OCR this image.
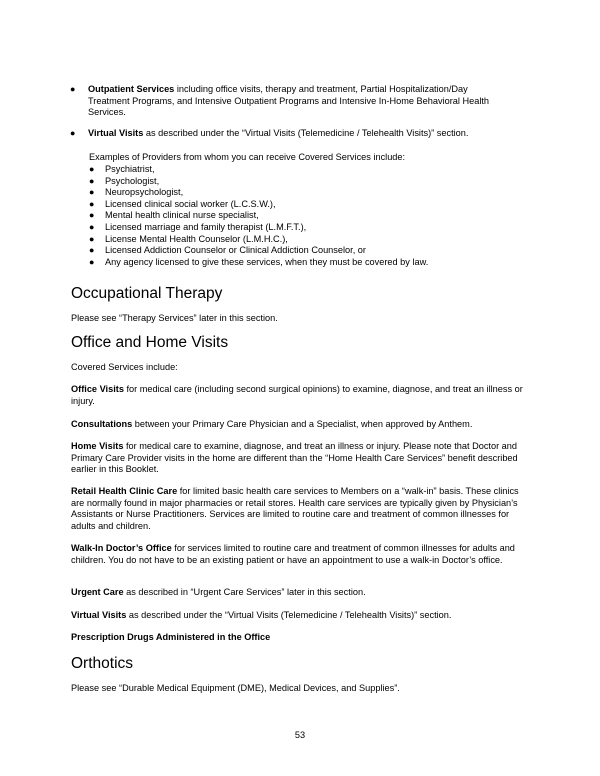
● Outpatient Services including office visits, therapy and treatment, Partial Hospitalization/Day Treatment Programs, and Intensive Outpatient Programs and Intensive In-Home Behavioral Health Services.
● Virtual Visits as described under the “Virtual Visits (Telemedicine / Telehealth Visits)” section.
Examples of Providers from whom you can receive Covered Services include:
● Psychiatrist,
● Psychologist,
● Neuropsychologist,
● Licensed clinical social worker (L.C.S.W.),
● Mental health clinical nurse specialist,
● Licensed marriage and family therapist (L.M.F.T.),
● License Mental Health Counselor (L.M.H.C.),
● Licensed Addiction Counselor or Clinical Addiction Counselor, or
● Any agency licensed to give these services, when they must be covered by law.
Occupational Therapy

Please see “Therapy Services” later in this section.

Office and Home Visits

Covered Services include:

Office Visits for medical care (including second surgical opinions) to examine, diagnose, and treat an illness or injury.

Consultations between your Primary Care Physician and a Specialist, when approved by Anthem.

Home Visits for medical care to examine, diagnose, and treat an illness or injury. Please note that Doctor and Primary Care Provider visits in the home are different than the “Home Health Care Services” benefit described earlier in this Booklet.

Retail Health Clinic Care for limited basic health care services to Members on a “walk-in” basis. These clinics are normally found in major pharmacies or retail stores. Health care services are typically given by Physician’s Assistants or Nurse Practitioners. Services are limited to routine care and treatment of common illnesses for adults and children.

Walk-In Doctor’s Office for services limited to routine care and treatment of common illnesses for adults and children. You do not have to be an existing patient or have an appointment to use a walk-in Doctor’s office.

Urgent Care as described in “Urgent Care Services” later in this section.

Virtual Visits as described under the “Virtual Visits (Telemedicine / Telehealth Visits)” section.

Prescription Drugs Administered in the Office

Orthotics

Please see “Durable Medical Equipment (DME), Medical Devices, and Supplies”.

53
